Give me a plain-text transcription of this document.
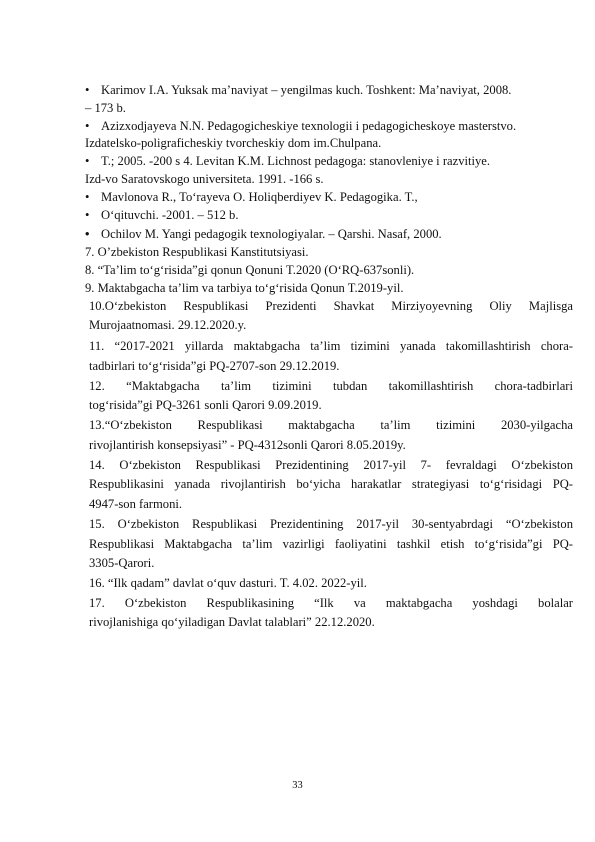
• Karimov I.A. Yuksak ma’naviyat – yengilmas kuch. Toshkent: Ma’naviyat, 2008.
– 173 b.
• Azizxodjayeva N.N. Pedagogicheskiye texnologii i pedagogicheskoye masterstvo.
Izdatelsko-poligraficheskiy tvorcheskiy dom im.Chulpana.
• T.; 2005. -200 s 4. Levitan K.M. Lichnost pedagoga: stanovleniye i razvitiye.
Izd-vo Saratovskogo universiteta. 1991. -166 s.
• Mavlonova R., To‘rayeva O. Holiqberdiyev K. Pedagogika. T.,
• O‘qituvchi. -2001. – 512 b.
• Ochilov M. Yangi pedagogik texnologiyalar. – Qarshi. Nasaf, 2000.
7. O’zbekiston Respublikasi Kanstitutsiyasi.
8. “Ta’lim to‘g‘risida”gi qonun Qonuni T.2020 (O‘RQ-637sonli).
9. Maktabgacha ta’lim va tarbiya to‘g‘risida Qonun T.2019-yil.
10.O‘zbekiston Respublikasi Prezidenti Shavkat Mirziyoyevning Oliy Majlisga
Murojaatnomasi. 29.12.2020.y.
11. “2017-2021 yillarda maktabgacha ta’lim tizimini yanada takomillashtirish chora-
tadbirlari to‘g‘risida”gi PQ-2707-son 29.12.2019.
12. “Maktabgacha ta’lim tizimini tubdan takomillashtirish chora-tadbirlari
tog‘risida”gi PQ-3261 sonli Qarori 9.09.2019.
13.“O‘zbekiston Respublikasi maktabgacha ta’lim tizimini 2030-yilgacha
rivojlantirish konsepsiyasi” - PQ-4312sonli Qarori 8.05.2019y.
14. O‘zbekiston Respublikasi Prezidentining 2017-yil 7- fevraldagi O‘zbekiston
Respublikasini yanada rivojlantirish bo‘yicha harakatlar strategiyasi to‘g‘risidagi PQ-
4947-son farmoni.
15. O‘zbekiston Respublikasi Prezidentining 2017-yil 30-sentyabrdagi “O‘zbekiston
Respublikasi Maktabgacha ta’lim vazirligi faoliyatini tashkil etish to‘g‘risida”gi PQ-
3305-Qarori.
16. “Ilk qadam” davlat o‘quv dasturi. T. 4.02. 2022-yil.
17. O‘zbekiston Respublikasining “Ilk va maktabgacha yoshdagi bolalar
rivojlanishiga qo‘yiladigan Davlat talablari” 22.12.2020.
33
